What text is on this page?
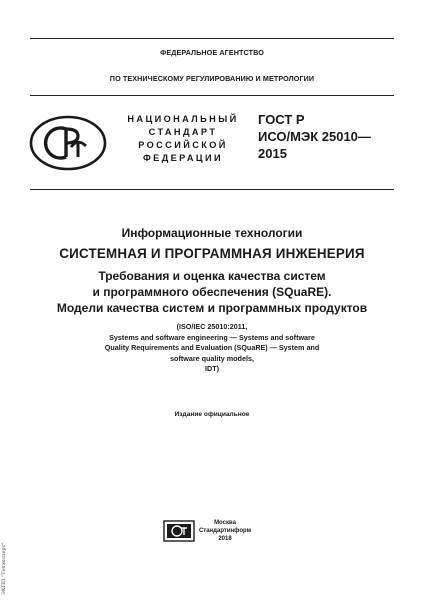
ФЕДЕРАЛЬНОЕ АГЕНТСТВО
ПО ТЕХНИЧЕСКОМУ РЕГУЛИРОВАНИЮ И МЕТРОЛОГИИ
НАЦИОНАЛЬНЫЙ
СТАНДАРТ
РОССИЙСКОЙ
ФЕДЕРАЦИИ
ГОСТ Р
ИСО/МЭК 25010—
2015
Информационные технологии
СИСТЕМНАЯ И ПРОГРАММНАЯ ИНЖЕНЕРИЯ
Требования и оценка качества систем
и программного обеспечения (SQuaRE).
Модели качества систем и программных продуктов
(ISO/IEC 25010:2011,
Systems and software engineering — Systems and software
Quality Requirements and Evaluation (SQuaRE) — System and
software quality models,
IDT)
Издание официальное
Москва
Стандартинформ
2018
ЭКПП "Техэксперт"
